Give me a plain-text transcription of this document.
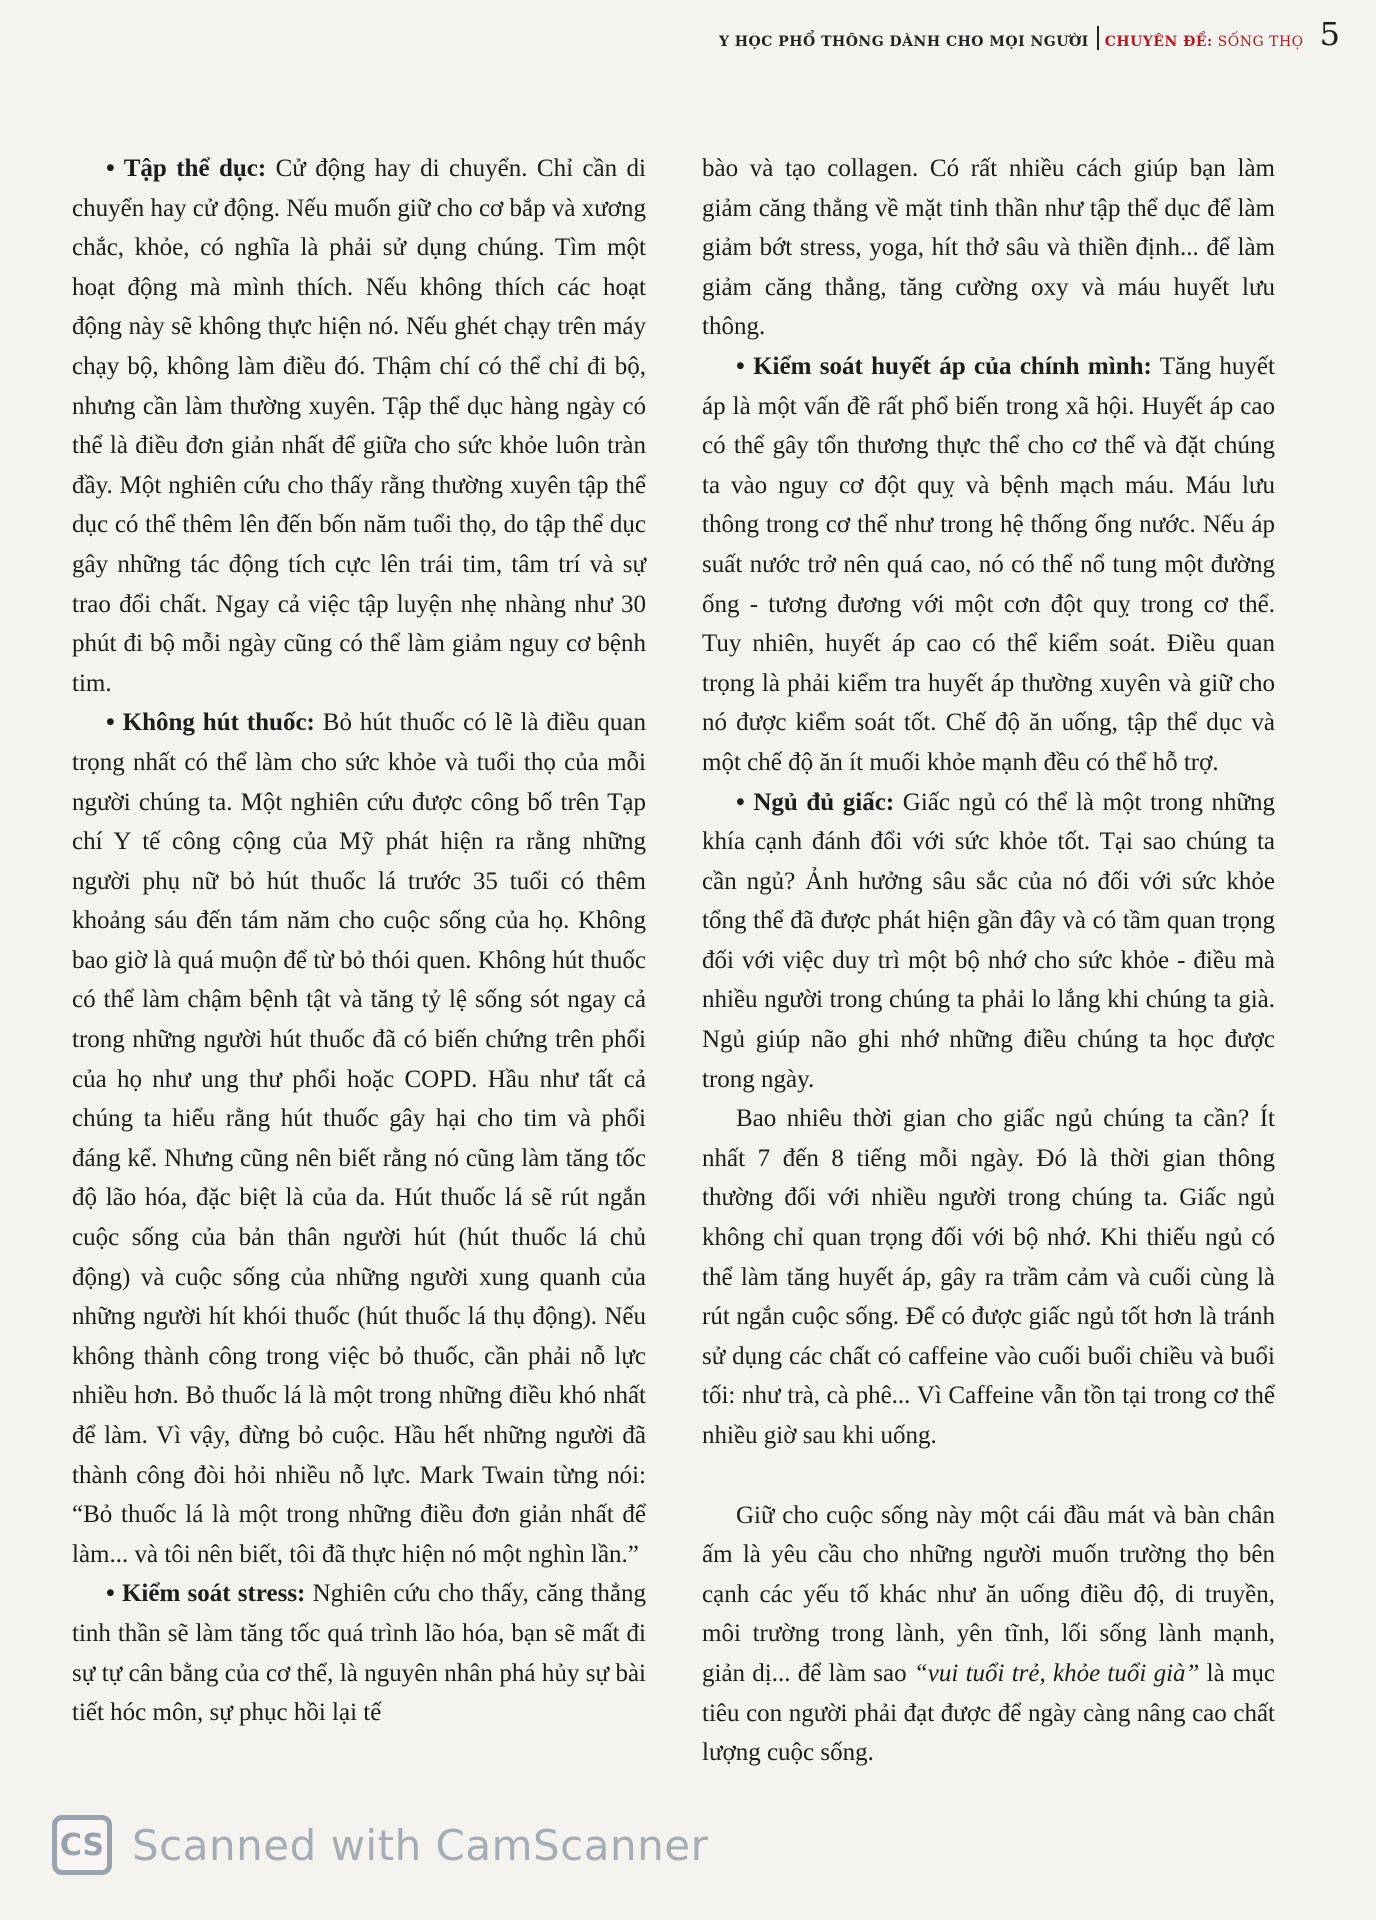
Y HỌC PHỔ THÔNG DÀNH CHO MỌI NGƯỜI CHUYÊN ĐỀ: SỐNG THỌ 5

• Tập thể dục: Cử động hay di chuyển. Chỉ cần di chuyển hay cử động. Nếu muốn giữ cho cơ bắp và xương chắc, khỏe, có nghĩa là phải sử dụng chúng. Tìm một hoạt động mà mình thích. Nếu không thích các hoạt động này sẽ không thực hiện nó. Nếu ghét chạy trên máy chạy bộ, không làm điều đó. Thậm chí có thể chỉ đi bộ, nhưng cần làm thường xuyên. Tập thể dục hàng ngày có thể là điều đơn giản nhất để giữa cho sức khỏe luôn tràn đầy. Một nghiên cứu cho thấy rằng thường xuyên tập thể dục có thể thêm lên đến bốn năm tuổi thọ, do tập thể dục gây những tác động tích cực lên trái tim, tâm trí và sự trao đổi chất. Ngay cả việc tập luyện nhẹ nhàng như 30 phút đi bộ mỗi ngày cũng có thể làm giảm nguy cơ bệnh tim.

• Không hút thuốc: Bỏ hút thuốc có lẽ là điều quan trọng nhất có thể làm cho sức khỏe và tuổi thọ của mỗi người chúng ta. Một nghiên cứu được công bố trên Tạp chí Y tế công cộng của Mỹ phát hiện ra rằng những người phụ nữ bỏ hút thuốc lá trước 35 tuổi có thêm khoảng sáu đến tám năm cho cuộc sống của họ. Không bao giờ là quá muộn để từ bỏ thói quen. Không hút thuốc có thể làm chậm bệnh tật và tăng tỷ lệ sống sót ngay cả trong những người hút thuốc đã có biến chứng trên phổi của họ như ung thư phổi hoặc COPD. Hầu như tất cả chúng ta hiểu rằng hút thuốc gây hại cho tim và phổi đáng kể. Nhưng cũng nên biết rằng nó cũng làm tăng tốc độ lão hóa, đặc biệt là của da. Hút thuốc lá sẽ rút ngắn cuộc sống của bản thân người hút (hút thuốc lá chủ động) và cuộc sống của những người xung quanh của những người hít khói thuốc (hút thuốc lá thụ động). Nếu không thành công trong việc bỏ thuốc, cần phải nỗ lực nhiều hơn. Bỏ thuốc lá là một trong những điều khó nhất để làm. Vì vậy, đừng bỏ cuộc. Hầu hết những người đã thành công đòi hỏi nhiều nỗ lực. Mark Twain từng nói: “Bỏ thuốc lá là một trong những điều đơn giản nhất để làm... và tôi nên biết, tôi đã thực hiện nó một nghìn lần.”

• Kiểm soát stress: Nghiên cứu cho thấy, căng thẳng tinh thần sẽ làm tăng tốc quá trình lão hóa, bạn sẽ mất đi sự tự cân bằng của cơ thể, là nguyên nhân phá hủy sự bài tiết hóc môn, sự phục hồi lại tế

bào và tạo collagen. Có rất nhiều cách giúp bạn làm giảm căng thẳng về mặt tinh thần như tập thể dục để làm giảm bớt stress, yoga, hít thở sâu và thiền định... để làm giảm căng thẳng, tăng cường oxy và máu huyết lưu thông.

• Kiểm soát huyết áp của chính mình: Tăng huyết áp là một vấn đề rất phổ biến trong xã hội. Huyết áp cao có thể gây tổn thương thực thể cho cơ thể và đặt chúng ta vào nguy cơ đột quỵ và bệnh mạch máu. Máu lưu thông trong cơ thể như trong hệ thống ống nước. Nếu áp suất nước trở nên quá cao, nó có thể nổ tung một đường ống - tương đương với một cơn đột quỵ trong cơ thể. Tuy nhiên, huyết áp cao có thể kiểm soát. Điều quan trọng là phải kiểm tra huyết áp thường xuyên và giữ cho nó được kiểm soát tốt. Chế độ ăn uống, tập thể dục và một chế độ ăn ít muối khỏe mạnh đều có thể hỗ trợ.

• Ngủ đủ giấc: Giấc ngủ có thể là một trong những khía cạnh đánh đổi với sức khỏe tốt. Tại sao chúng ta cần ngủ? Ảnh hưởng sâu sắc của nó đối với sức khỏe tổng thể đã được phát hiện gần đây và có tầm quan trọng đối với việc duy trì một bộ nhớ cho sức khỏe - điều mà nhiều người trong chúng ta phải lo lắng khi chúng ta già. Ngủ giúp não ghi nhớ những điều chúng ta học được trong ngày.

Bao nhiêu thời gian cho giấc ngủ chúng ta cần? Ít nhất 7 đến 8 tiếng mỗi ngày. Đó là thời gian thông thường đối với nhiều người trong chúng ta. Giấc ngủ không chỉ quan trọng đối với bộ nhớ. Khi thiếu ngủ có thể làm tăng huyết áp, gây ra trầm cảm và cuối cùng là rút ngắn cuộc sống. Để có được giấc ngủ tốt hơn là tránh sử dụng các chất có caffeine vào cuối buổi chiều và buổi tối: như trà, cà phê... Vì Caffeine vẫn tồn tại trong cơ thể nhiều giờ sau khi uống.

Giữ cho cuộc sống này một cái đầu mát và bàn chân ấm là yêu cầu cho những người muốn trường thọ bên cạnh các yếu tố khác như ăn uống điều độ, di truyền, môi trường trong lành, yên tĩnh, lối sống lành mạnh, giản dị... để làm sao “vui tuổi trẻ, khỏe tuổi già” là mục tiêu con người phải đạt được để ngày càng nâng cao chất lượng cuộc sống.

CS Scanned with CamScanner
